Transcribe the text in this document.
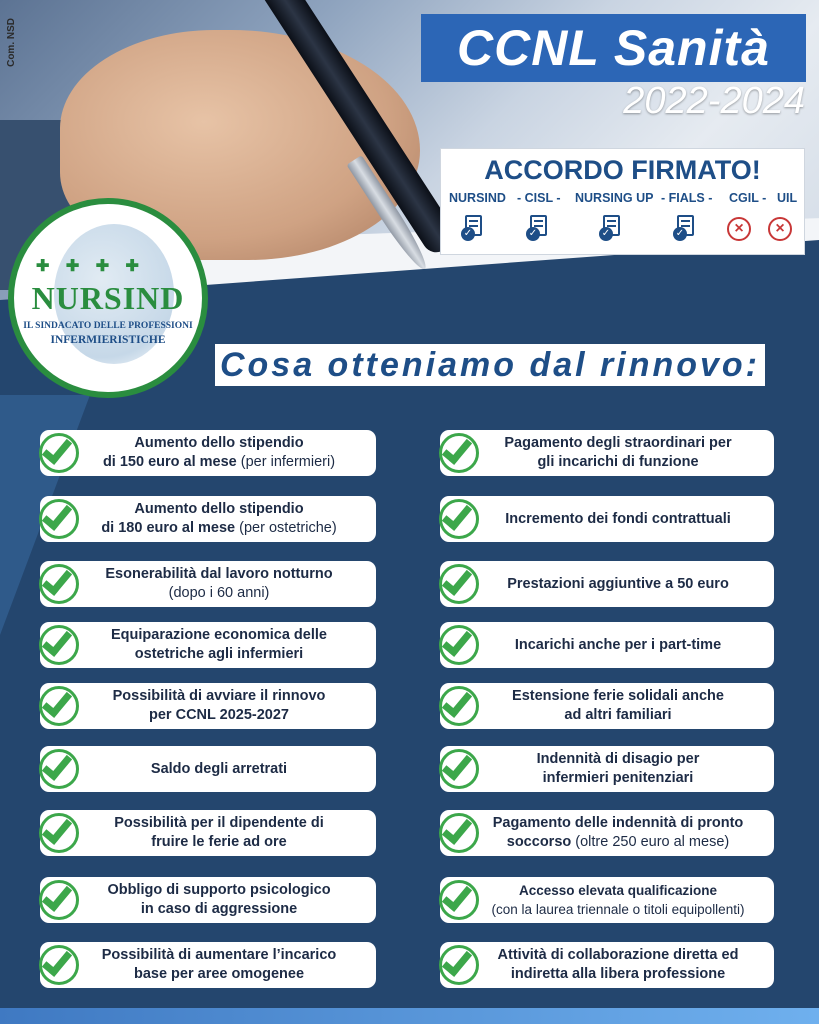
Com. NSD	CCNL Sanità
2022-2024
ACCORDO FIRMATO!
NURSIND - CISL - NURSING UP - FIALS - CGIL - UIL
✓	✓	✓	✓	×	×
✚ ✚ ✚ ✚
NURSIND
IL SINDACATO DELLE PROFESSIONI
INFERMIERISTICHE
Cosa otteniamo dal rinnovo:
Aumento dello stipendio
di 150 euro al mese (per infermieri)
Aumento dello stipendio
di 180 euro al mese (per ostetriche)
Esonerabilità dal lavoro notturno
(dopo i 60 anni)
Equiparazione economica delle
ostetriche agli infermieri
Possibilità di avviare il rinnovo
per CCNL 2025-2027
Saldo degli arretrati
Possibilità per il dipendente di
fruire le ferie ad ore
Obbligo di supporto psicologico
in caso di aggressione
Possibilità di aumentare l’incarico
base per aree omogenee
Pagamento degli straordinari per
gli incarichi di funzione
Incremento dei fondi contrattuali
Prestazioni aggiuntive a 50 euro
Incarichi anche per i part-time
Estensione ferie solidali anche
ad altri familiari
Indennità di disagio per
infermieri penitenziari
Pagamento delle indennità di pronto
soccorso (oltre 250 euro al mese)
Accesso elevata qualificazione
(con la laurea triennale o titoli equipollenti)
Attività di collaborazione diretta ed
indiretta alla libera professione
